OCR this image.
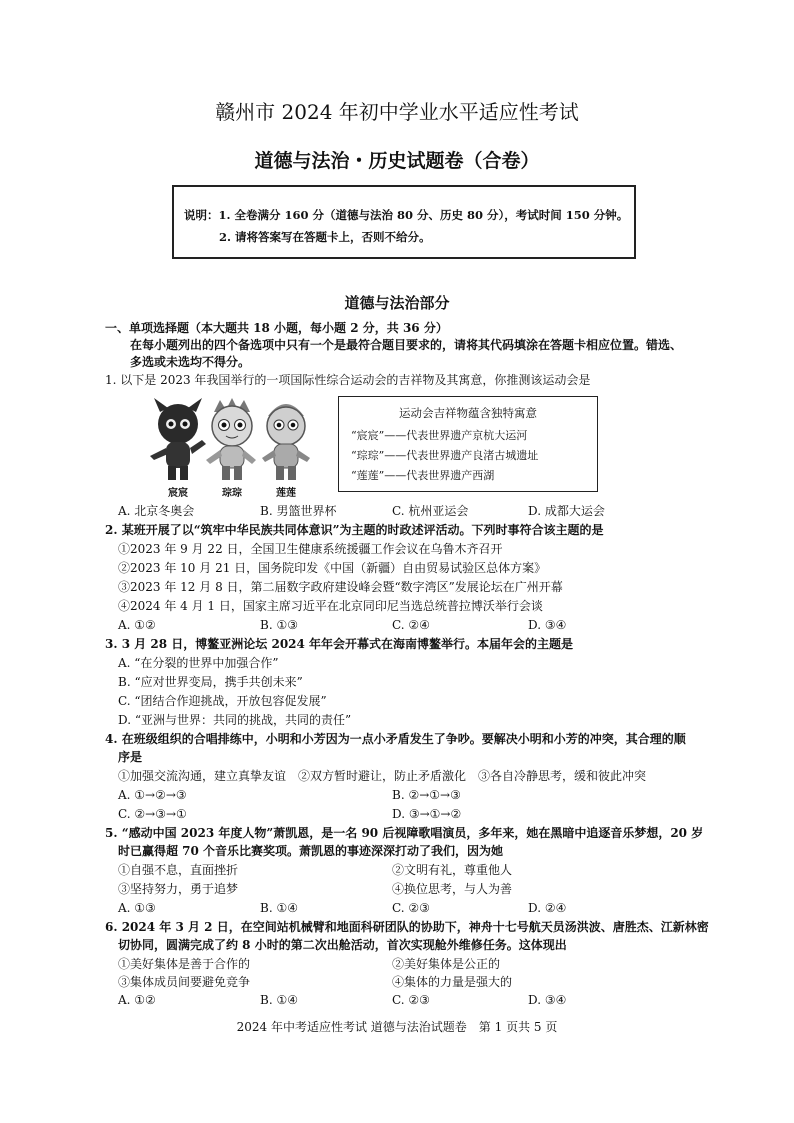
赣州市 2024 年初中学业水平适应性考试
道德与法治・历史试题卷（合卷）
说明：1. 全卷满分 160 分（道德与法治 80 分、历史 80 分），考试时间 150 分钟。
2. 请将答案写在答题卡上，否则不给分。
道德与法治部分
一、单项选择题（本大题共 18 小题，每小题 2 分，共 36 分）
在每小题列出的四个备选项中只有一个是最符合题目要求的，请将其代码填涂在答题卡相应位置。错选、
多选或未选均不得分。
1. 以下是 2023 年我国举行的一项国际性综合运动会的吉祥物及其寓意，你推测该运动会是
宸宸	琮琮	莲莲
运动会吉祥物蕴含独特寓意
“宸宸”——代表世界遗产京杭大运河
“琮琮”——代表世界遗产良渚古城遗址
“莲莲”——代表世界遗产西湖
A. 北京冬奥会	B. 男篮世界杯	C. 杭州亚运会	D. 成都大运会
2. 某班开展了以“筑牢中华民族共同体意识”为主题的时政述评活动。下列时事符合该主题的是
①2023 年 9 月 22 日，全国卫生健康系统援疆工作会议在乌鲁木齐召开
②2023 年 10 月 21 日，国务院印发《中国（新疆）自由贸易试验区总体方案》
③2023 年 12 月 8 日，第二届数字政府建设峰会暨“数字湾区”发展论坛在广州开幕
④2024 年 4 月 1 日，国家主席习近平在北京同印尼当选总统普拉博沃举行会谈
A. ①②	B. ①③	C. ②④	D. ③④
3. 3 月 28 日，博鳌亚洲论坛 2024 年年会开幕式在海南博鳌举行。本届年会的主题是
A. “在分裂的世界中加强合作”
B. “应对世界变局，携手共创未来”
C. “团结合作迎挑战，开放包容促发展”
D. “亚洲与世界：共同的挑战，共同的责任”
4. 在班级组织的合唱排练中，小明和小芳因为一点小矛盾发生了争吵。要解决小明和小芳的冲突，其合理的顺
序是
①加强交流沟通，建立真挚友谊　②双方暂时避让，防止矛盾激化　③各自冷静思考，缓和彼此冲突
A. ①→②→③	B. ②→①→③
C. ②→③→①	D. ③→①→②
5. “感动中国 2023 年度人物”萧凯恩，是一名 90 后视障歌唱演员，多年来，她在黑暗中追逐音乐梦想，20 岁
时已赢得超 70 个音乐比赛奖项。萧凯恩的事迹深深打动了我们，因为她
①自强不息，直面挫折	②文明有礼，尊重他人
③坚持努力，勇于追梦	④换位思考，与人为善
A. ①③	B. ①④	C. ②③	D. ②④
6. 2024 年 3 月 2 日，在空间站机械臂和地面科研团队的协助下，神舟十七号航天员汤洪波、唐胜杰、江新林密
切协同，圆满完成了约 8 小时的第二次出舱活动，首次实现舱外维修任务。这体现出
①美好集体是善于合作的	②美好集体是公正的
③集体成员间要避免竞争	④集体的力量是强大的
A. ①②	B. ①④	C. ②③	D. ③④
2024 年中考适应性考试 道德与法治试题卷　第 1 页共 5 页
